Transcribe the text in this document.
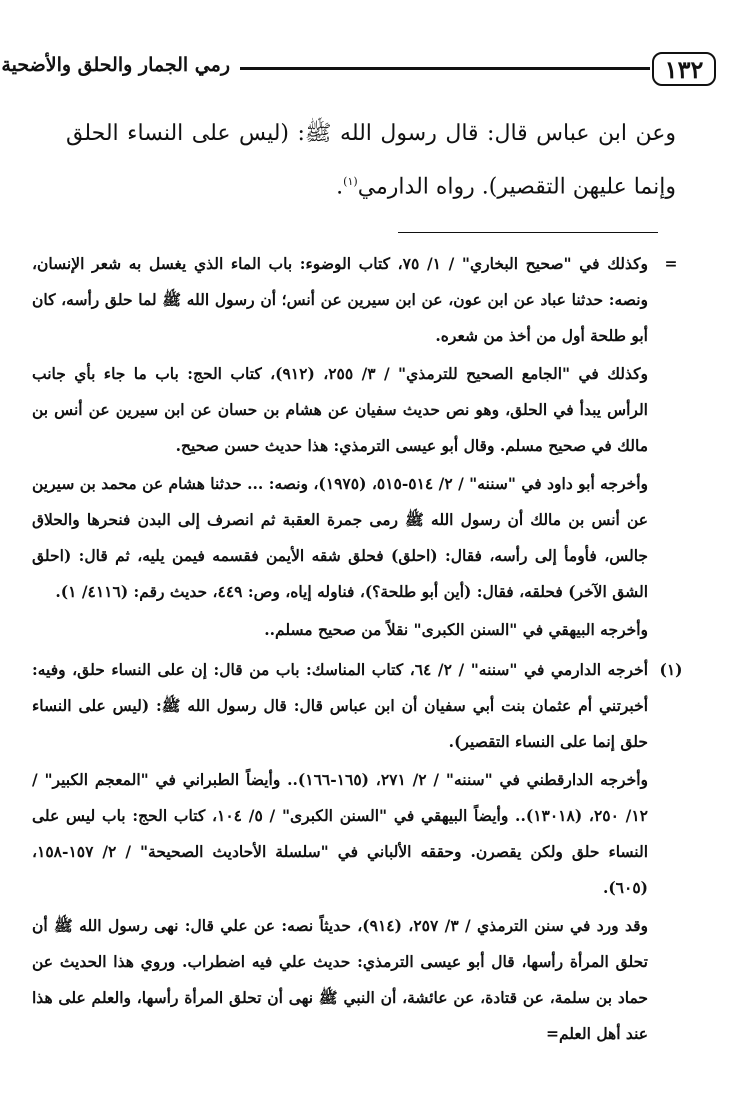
١٣٢
رمي الجمار والحلق والأضحية

وعن ابن عباس قال: قال رسول الله ﷺ: (ليس على النساء الحلق وإنما عليهن التقصير). رواه الدارمي$^{(١)}$.

=

وكذلك في "صحيح البخاري" / ١/ ٧٥، كتاب الوضوء: باب الماء الذي يغسل به شعر الإنسان، ونصه: حدثنا عباد عن ابن عون، عن ابن سيرين عن أنس؛ أن رسول الله ﷺ لما حلق رأسه، كان أبو طلحة أول من أخذ من شعره.

وكذلك في "الجامع الصحيح للترمذي" / ٣/ ٢٥٥، (٩١٢)، كتاب الحج: باب ما جاء بأي جانب الرأس يبدأ في الحلق، وهو نص حديث سفيان عن هشام بن حسان عن ابن سيرين عن أنس بن مالك في صحيح مسلم. وقال أبو عيسى الترمذي: هذا حديث حسن صحيح.

وأخرجه أبو داود في "سننه" / ٢/ ٥١٤-٥١٥، (١٩٧٥)، ونصه: ... حدثنا هشام عن محمد بن سيرين عن أنس بن مالك أن رسول الله ﷺ رمى جمرة العقبة ثم انصرف إلى البدن فنحرها والحلاق جالس، فأومأ إلى رأسه، فقال: (احلق) فحلق شقه الأيمن فقسمه فيمن يليه، ثم قال: (احلق الشق الآخر) فحلقه، فقال: (أين أبو طلحة؟)، فناوله إياه، وص: ٤٤٩، حديث رقم: (٤١١٦/ ١).

وأخرجه البيهقي في "السنن الكبرى" نقلاً من صحيح مسلم..

(١)

أخرجه الدارمي في "سننه" / ٢/ ٦٤، كتاب المناسك: باب من قال: إن على النساء حلق، وفيه: أخبرتني أم عثمان بنت أبي سفيان أن ابن عباس قال: قال رسول الله ﷺ: (ليس على النساء حلق إنما على النساء التقصير).

وأخرجه الدارقطني في "سننه" / ٢/ ٢٧١، (١٦٥-١٦٦).. وأيضاً الطبراني في "المعجم الكبير" / ١٢/ ٢٥٠، (١٣٠١٨).. وأيضاً البيهقي في "السنن الكبرى" / ٥/ ١٠٤، كتاب الحج: باب ليس على النساء حلق ولكن يقصرن. وحققه الألباني في "سلسلة الأحاديث الصحيحة" / ٢/ ١٥٧-١٥٨، (٦٠٥).

وقد ورد في سنن الترمذي / ٣/ ٢٥٧، (٩١٤)، حديثاً نصه: عن علي قال: نهى رسول الله ﷺ أن تحلق المرأة رأسها، قال أبو عيسى الترمذي: حديث علي فيه اضطراب. وروي هذا الحديث عن حماد بن سلمة، عن قتادة، عن عائشة، أن النبي ﷺ نهى أن تحلق المرأة رأسها، والعلم على هذا عند أهل العلم=
